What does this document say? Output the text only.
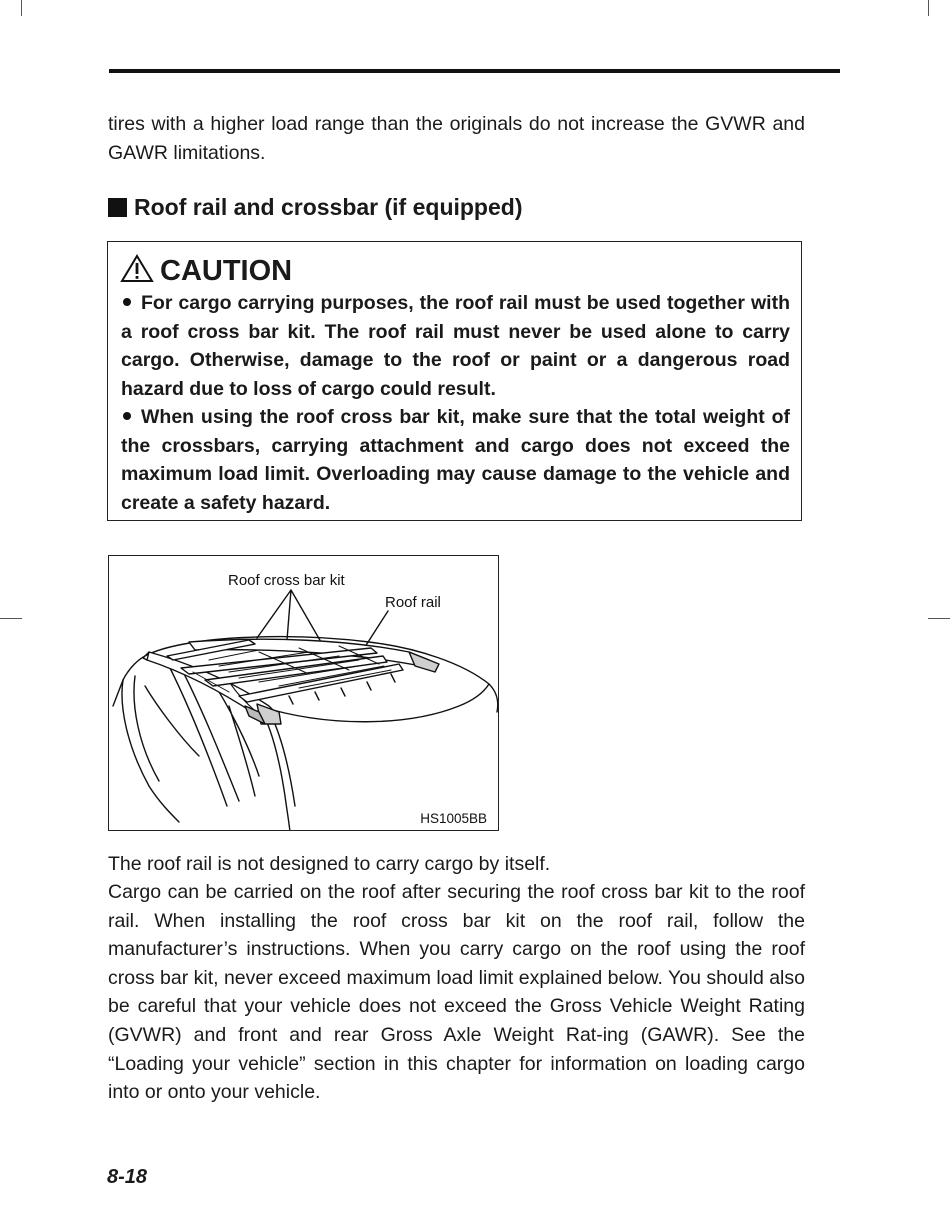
tires with a higher load range than the originals do not increase the GVWR and GAWR limitations.

Roof rail and crossbar (if equipped)
CAUTION

For cargo carrying purposes, the roof rail must be used together with a roof cross bar kit. The roof rail must never be used alone to carry cargo. Otherwise, damage to the roof or paint or a dangerous road hazard due to loss of cargo could result.

When using the roof cross bar kit, make sure that the total weight of the crossbars, carrying attachment and cargo does not exceed the maximum load limit. Overloading may cause damage to the vehicle and create a safety hazard.

Roof cross bar kit
Roof rail
HS1005BB

The roof rail is not designed to carry cargo by itself.

Cargo can be carried on the roof after securing the roof cross bar kit to the roof rail. When installing the roof cross bar kit on the roof rail, follow the manufacturer’s instructions. When you carry cargo on the roof using the roof cross bar kit, never exceed maximum load limit explained below. You should also be careful that your vehicle does not exceed the Gross Vehicle Weight Rating (GVWR) and front and rear Gross Axle Weight Rat-ing (GAWR). See the “Loading your vehicle” section in this chapter for information on loading cargo into or onto your vehicle.

8-18
